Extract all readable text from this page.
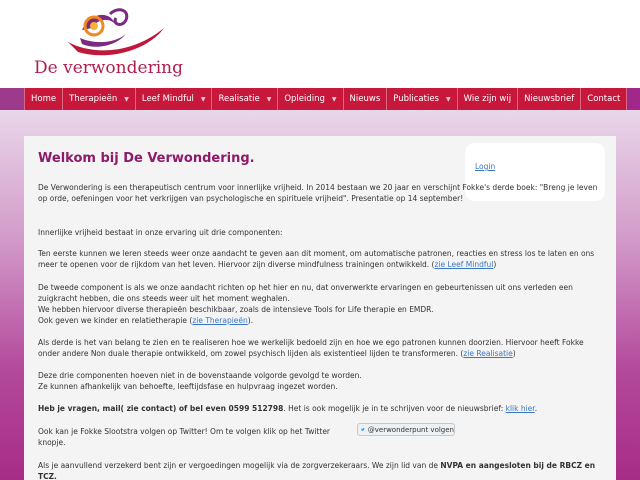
De verwondering
Home Therapieën ▼ Leef Mindful ▼ Realisatie ▼ Opleiding ▼ Nieuws Publicaties ▼ Wie zijn wij Nieuwsbrief Contact
Login
Welkom bij De Verwondering.

De Verwondering is een therapeutisch centrum voor innerlijke vrijheid. In 2014 bestaan we 20 jaar en verschijnt Fokke's derde boek: "Breng je leven op orde, oefeningen voor het verkrijgen van psychologische en spirituele vrijheid". Presentatie op 14 september!

Innerlijke vrijheid bestaat in onze ervaring uit drie componenten:

Ten eerste kunnen we leren steeds weer onze aandacht te geven aan dit moment, om automatische patronen, reacties en stress los te laten en ons meer te openen voor de rijkdom van het leven. Hiervoor zijn diverse mindfulness trainingen ontwikkeld. (zie Leef Mindful)

De tweede component is als we onze aandacht richten op het hier en nu, dat onverwerkte ervaringen en gebeurtenissen uit ons verleden een zuigkracht hebben, die ons steeds weer uit het moment weghalen.
We hebben hiervoor diverse therapieën beschikbaar, zoals de intensieve Tools for Life therapie en EMDR.
Ook geven we kinder en relatietherapie (zie Therapieën).

Als derde is het van belang te zien en te realiseren hoe we werkelijk bedoeld zijn en hoe we ego patronen kunnen doorzien. Hiervoor heeft Fokke onder andere Non duale therapie ontwikkeld, om zowel psychisch lijden als existentieel lijden te transformeren. (zie Realisatie)

Deze drie componenten hoeven niet in de bovenstaande volgorde gevolgd te worden.
Ze kunnen afhankelijk van behoefte, leeftijdsfase en hulpvraag ingezet worden.

Heb je vragen, mail( zie contact) of bel even 0599 512798. Het is ook mogelijk je in te schrijven voor de nieuwsbrief: klik hier.

Ook kan je Fokke Slootstra volgen op Twitter! Om te volgen klik op het Twitter knopje.

@verwonderpunt volgen

Als je aanvullend verzekerd bent zijn er vergoedingen mogelijk via de zorgverzekeraars. We zijn lid van de NVPA en aangesloten bij de RBCZ en TCZ.
